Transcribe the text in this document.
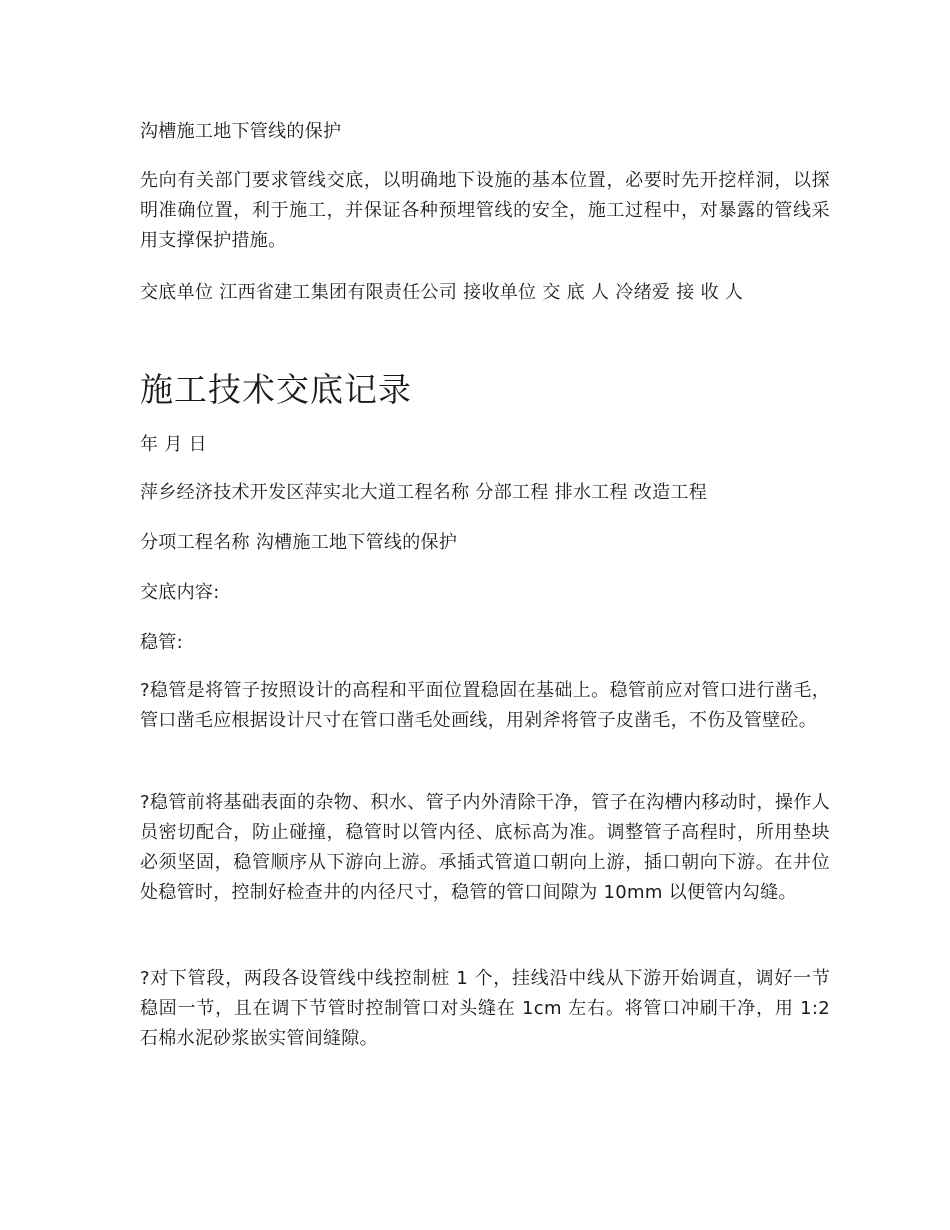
沟槽施工地下管线的保护

先向有关部门要求管线交底，以明确地下设施的基本位置，必要时先开挖样洞，以探明准确位置，利于施工，并保证各种预埋管线的安全，施工过程中，对暴露的管线采用支撑保护措施。

交底单位 江西省建工集团有限责任公司 接收单位 交 底 人 冷绪爱 接 收 人

施工技术交底记录

年 月 日

萍乡经济技术开发区萍实北大道工程名称 分部工程 排水工程 改造工程

分项工程名称 沟槽施工地下管线的保护

交底内容:

稳管:

?稳管是将管子按照设计的高程和平面位置稳固在基础上。稳管前应对管口进行凿毛，管口凿毛应根据设计尺寸在管口凿毛处画线，用剁斧将管子皮凿毛，不伤及管壁砼。

?稳管前将基础表面的杂物、积水、管子内外清除干净，管子在沟槽内移动时，操作人员密切配合，防止碰撞，稳管时以管内径、底标高为准。调整管子高程时，所用垫块必须坚固，稳管顺序从下游向上游。承插式管道口朝向上游，插口朝向下游。在井位处稳管时，控制好检查井的内径尺寸，稳管的管口间隙为 10mm 以便管内勾缝。

?对下管段，两段各设管线中线控制桩 1 个，挂线沿中线从下游开始调直，调好一节稳固一节，且在调下节管时控制管口对头缝在 1cm 左右。将管口冲刷干净，用 1:2 石棉水泥砂浆嵌实管间缝隙。
